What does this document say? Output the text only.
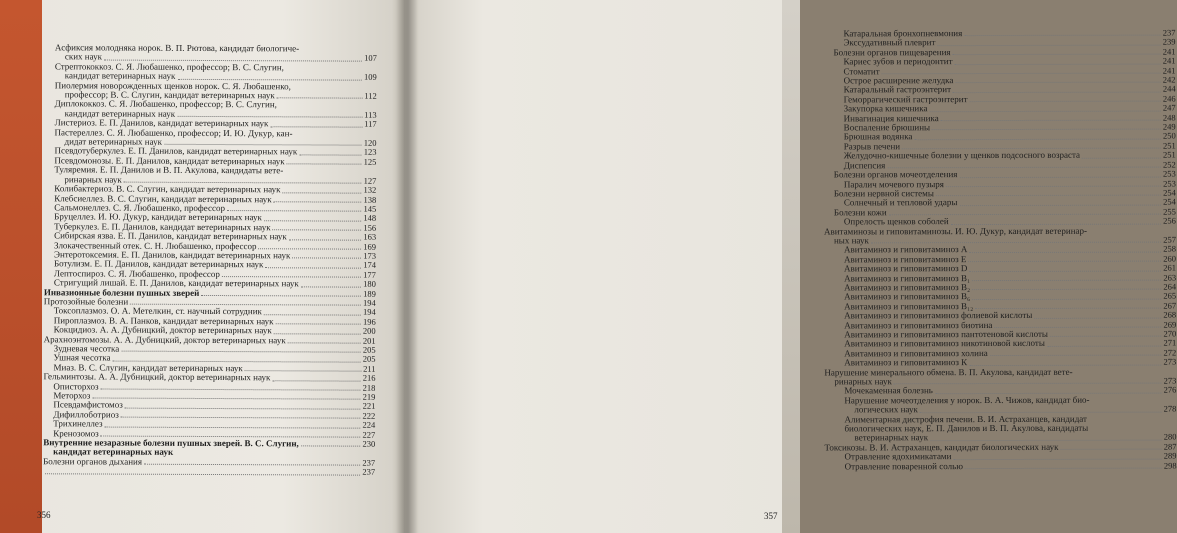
Асфиксия молодняка норок. В. П. Рютова, кандидат биологиче-
ских наук	107
Стрептококкоз. С. Я. Любашенко, профессор; В. С. Слугин,
кандидат ветеринарных наук	109
Пиолермия новорожденных щенков норок. С. Я. Любашенко,
профессор; В. С. Слугин, кандидат ветеринарных наук	112
Диплококкоз. С. Я. Любашенко, профессор; В. С. Слугин,
кандидат ветеринарных наук	113
Листериоз. Е. П. Данилов, кандидат ветеринарных наук	117
Пастереллез. С. Я. Любашенко, профессор; И. Ю. Дукур, кан-
дидат ветеринарных наук	120
Псевдотуберкулез. Е. П. Данилов, кандидат ветеринарных наук	123
Псевдомонозы. Е. П. Данилов, кандидат ветеринарных наук	125
Туляремия. Е. П. Данилов и В. П. Акулова, кандидаты вете-
ринарных наук	127
Колибактериоз. В. С. Слугин, кандидат ветеринарных наук	132
Клебсиеллез. В. С. Слугин, кандидат ветеринарных наук	138
Сальмонеллез. С. Я. Любашенко, профессор	145
Бруцеллез. И. Ю. Дукур, кандидат ветеринарных наук	148
Туберкулез. Е. П. Данилов, кандидат ветеринарных наук	156
Сибирская язва. Е. П. Данилов, кандидат ветеринарных наук	163
Злокачественный отек. С. Н. Любашенко, профессор	169
Энтеротоксемия. Е. П. Данилов, кандидат ветеринарных наук	173
Ботулизм. Е. П. Данилов, кандидат ветеринарных наук	174
Лептоспироз. С. Я. Любашенко, профессор	177
Стригущий лишай. Е. П. Данилов, кандидат ветеринарных наук	180
Инвазионные болезни пушных зверей	189
Протозойные болезни	194
Токсоплазмоз. О. А. Метелкин, ст. научный сотрудник	194
Пироплазмоз. В. А. Панков, кандидат ветеринарных наук	196
Кокцидиоз. А. А. Дубницкий, доктор ветеринарных наук	200
Арахноэнтомозы. А. А. Дубницкий, доктор ветеринарных наук	201
Зудневая чесотка	205
Ушная чесотка	205
Миаз. В. С. Слугин, кандидат ветеринарных наук	211
Гельминтозы. А. А. Дубницкий, доктор ветеринарных наук	216
Описторхоз	218
Меторхоз	219
Псевдамфистомоз	221
Дифиллоботриоз	222
Трихинеллез	224
Кренозомоз	227
Внутренние незаразные болезни пушных зверей. В. С. Слугин,	230
кандидат ветеринарных наук
Болезни органов дыхания	237
237
356
Катаральная бронхопневмония	237
Экссудативный плеврит	239
Болезни органов пищеварения	241
Кариес зубов и периодонтит	241
Стоматит	241
Острое расширение желудка	242
Катаральный гастроэнтерит	244
Геморрагический гастроэнтерит	246
Закупорка кишечника	247
Инвагинация кишечника	248
Воспаление брюшины	249
Брюшная водянка	250
Разрыв печени	251
Желудочно-кишечные болезни у щенков подсосного возраста	251
Диспепсия	252
Болезни органов мочеотделения	253
Паралич мочевого пузыря	253
Болезни нервной системы	254
Солнечный и тепловой удары	254
Болезни кожи	255
Опрелость щенков соболей	256
Авитаминозы и гиповитаминозы. И. Ю. Дукур, кандидат ветеринар-
ных наук	257
Авитаминоз и гиповитаминоз А	258
Авитаминоз и гиповитаминоз Е	260
Авитаминоз и гиповитаминоз D	261
Авитаминоз и гиповитаминоз B₁	263
Авитаминоз и гиповитаминоз B₂	264
Авитаминоз и гиповитаминоз B₆	265
Авитаминоз и гиповитаминоз B₁₂	267
Авитаминоз и гиповитаминоз фолиевой кислоты	268
Авитаминоз и гиповитаминоз биотина	269
Авитаминоз и гиповитаминоз пантотеновой кислоты	270
Авитаминоз и гиповитаминоз никотиновой кислоты	271
Авитаминоз и гиповитаминоз холина	272
Авитаминоз и гиповитаминоз К	273
Нарушение минерального обмена. В. П. Акулова, кандидат вете-
ринарных наук	273
Мочекаменная болезнь	276
Нарушение мочеотделения у норок. В. А. Чижов, кандидат био-
логических наук	278
Алиментарная дистрофия печени. В. И. Астраханцев, кандидат
биологических наук, Е. П. Данилов и В. П. Акулова, кандидаты
ветеринарных наук	280
Токсикозы. В. И. Астраханцев, кандидат биологических наук	287
Отравление ядохимикатами	289
Отравление поваренной солью	298
357
